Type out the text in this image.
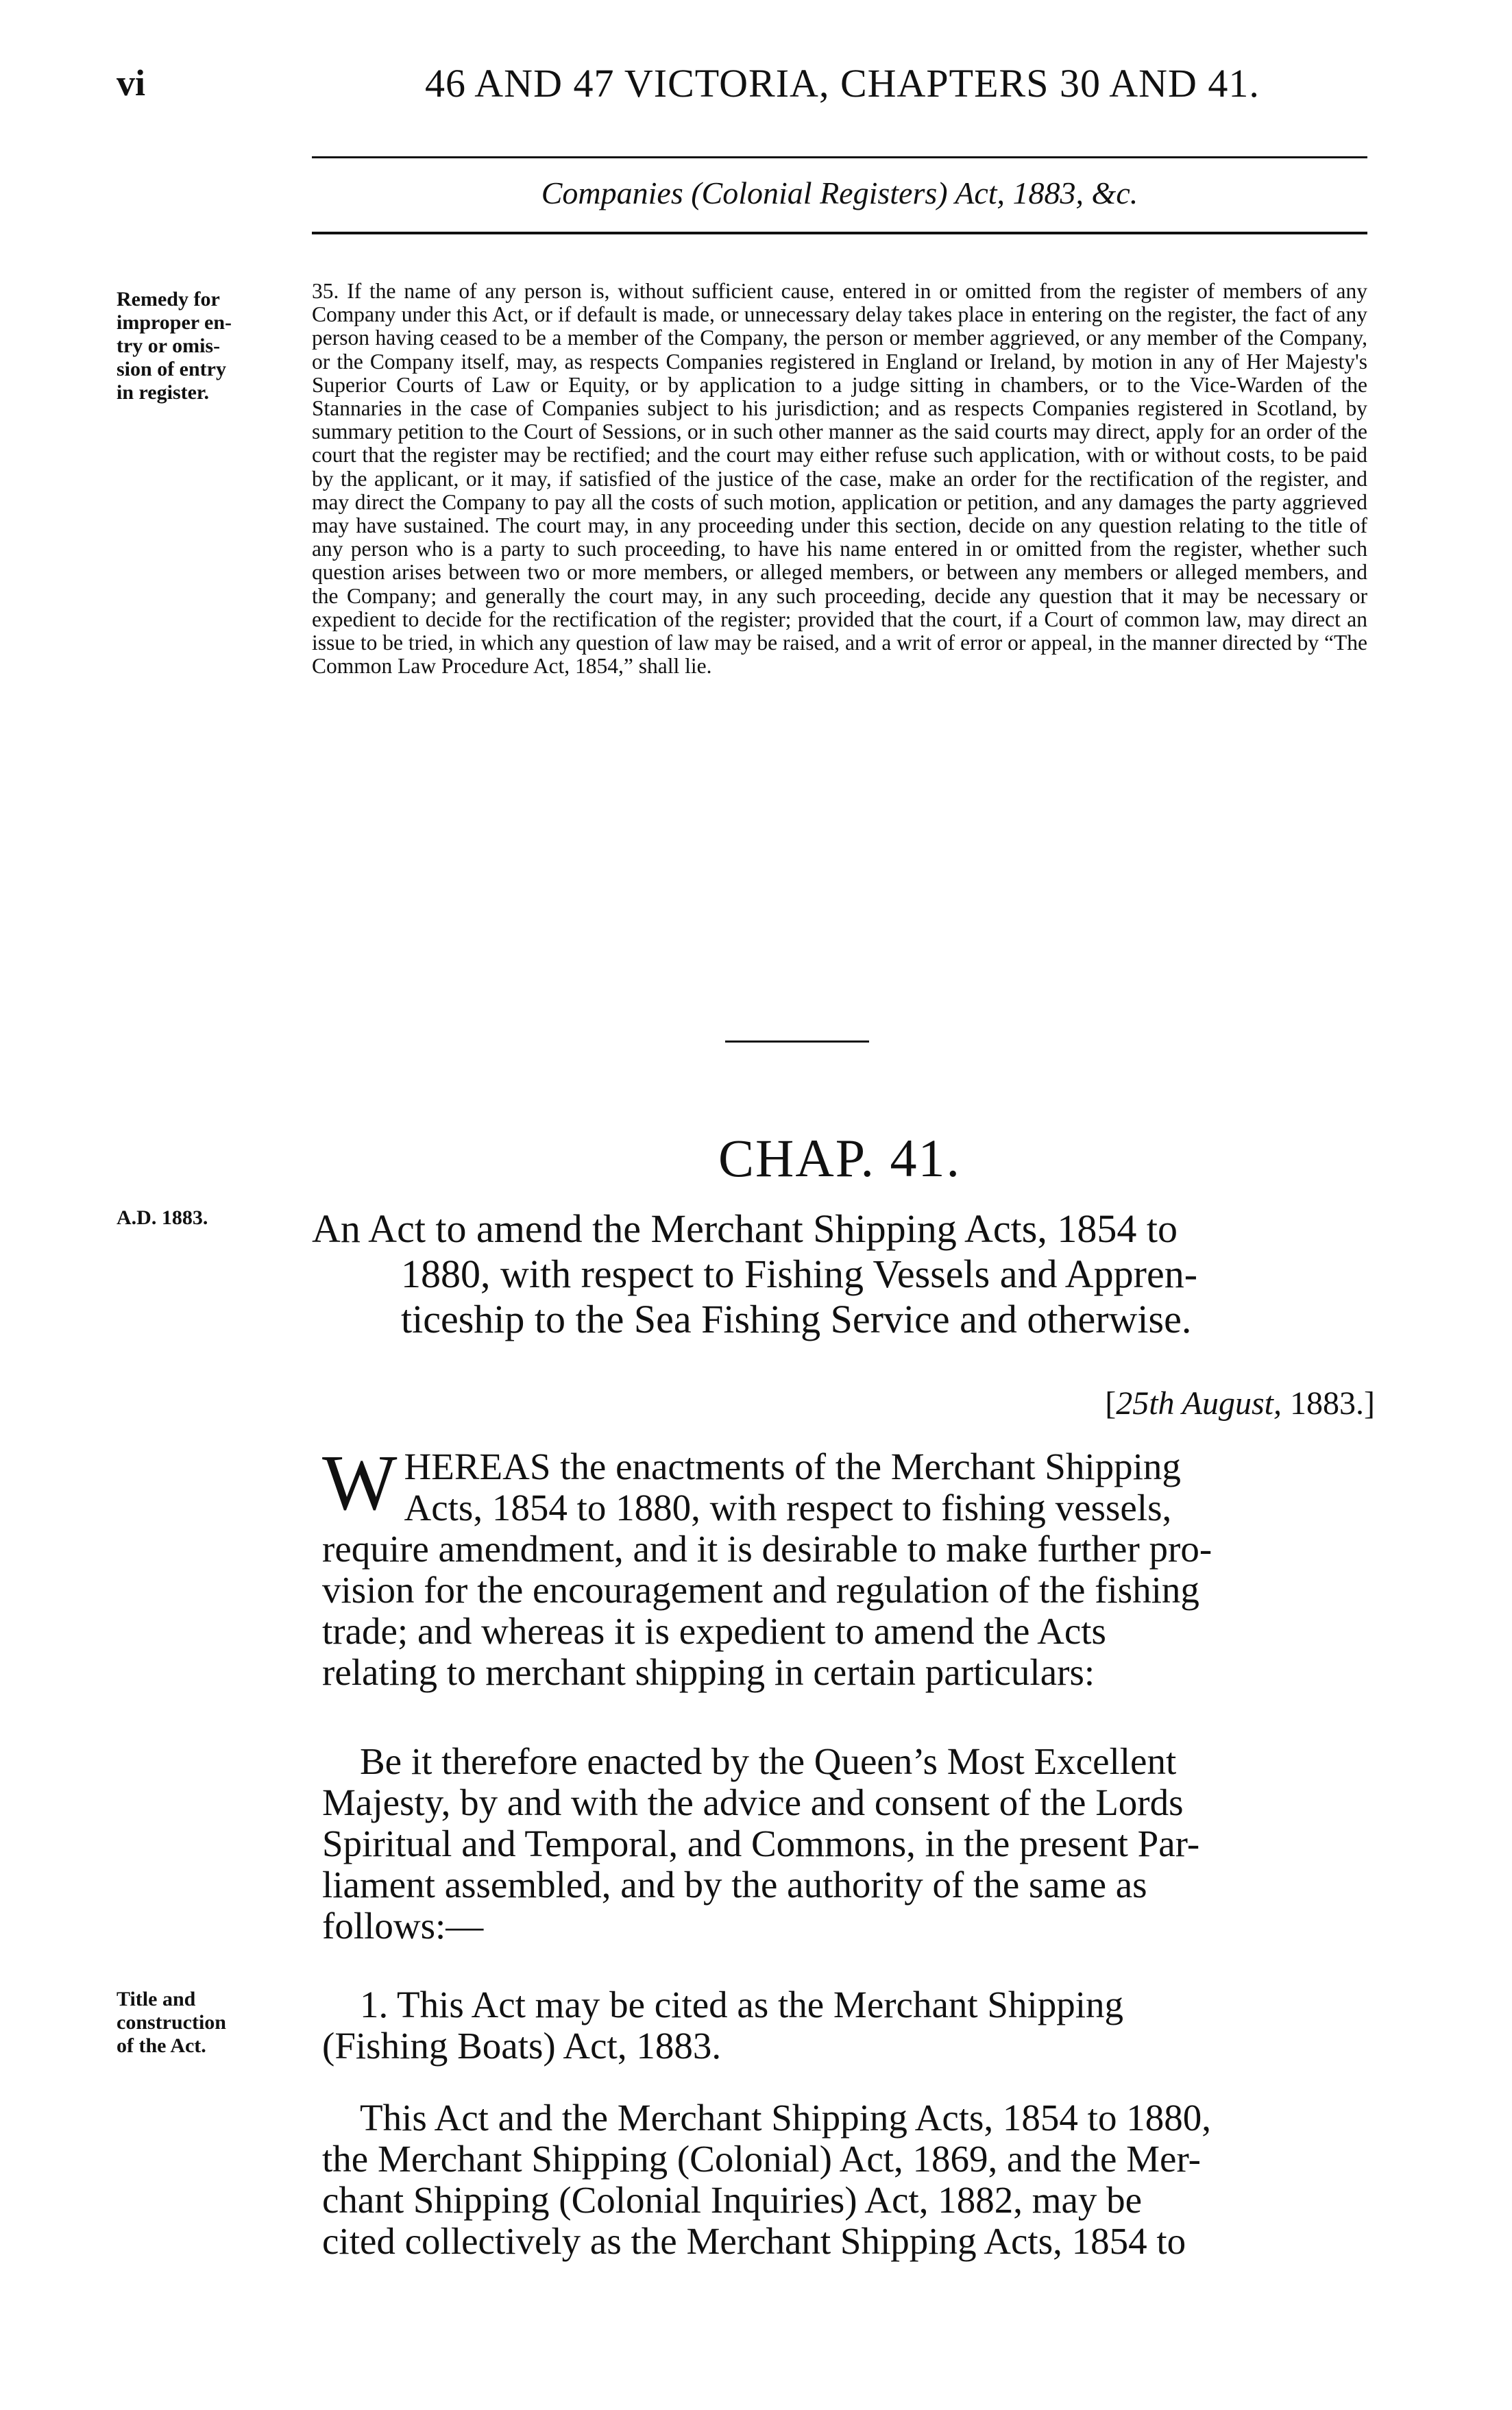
vi	46 AND 47 VICTORIA, CHAPTERS 30 AND 41.
Companies (Colonial Registers) Act, 1883, &c.
Remedy for
improper en-
try or omis-
sion of entry
in register.
35. If the name of any person is, without sufficient cause, entered in or omitted from the register of members of any Company under this Act, or if default is made, or unnecessary delay takes place in entering on the register, the fact of any person having ceased to be a member of the Company, the person or member aggrieved, or any member of the Company, or the Company itself, may, as respects Companies registered in England or Ireland, by motion in any of Her Majesty's Superior Courts of Law or Equity, or by application to a judge sitting in chambers, or to the Vice-Warden of the Stannaries in the case of Companies subject to his jurisdiction; and as respects Companies registered in Scotland, by summary petition to the Court of Sessions, or in such other manner as the said courts may direct, apply for an order of the court that the register may be rectified; and the court may either refuse such application, with or without costs, to be paid by the applicant, or it may, if satisfied of the justice of the case, make an order for the rectification of the register, and may direct the Company to pay all the costs of such motion, application or petition, and any damages the party aggrieved may have sustained. The court may, in any proceeding under this section, decide on any question relating to the title of any person who is a party to such proceeding, to have his name entered in or omitted from the register, whether such question arises between two or more members, or alleged members, or between any members or alleged members, and the Company; and generally the court may, in any such proceeding, decide any question that it may be necessary or expedient to decide for the rectification of the register; provided that the court, if a Court of common law, may direct an issue to be tried, in which any question of law may be raised, and a writ of error or appeal, in the manner directed by “The Common Law Procedure Act, 1854,” shall lie.
CHAP. 41.
A.D. 1883.	An Act to amend the Merchant Shipping Acts, 1854 to
1880, with respect to Fishing Vessels and Appren-
ticeship to the Sea Fishing Service and otherwise.
[25th August, 1883.]
W HEREAS the enactments of the Merchant Shipping
Acts, 1854 to 1880, with respect to fishing vessels,
require amendment, and it is desirable to make further pro-
vision for the encouragement and regulation of the fishing
trade; and whereas it is expedient to amend the Acts
relating to merchant shipping in certain particulars:
Be it therefore enacted by the Queen’s Most Excellent
Majesty, by and with the advice and consent of the Lords
Spiritual and Temporal, and Commons, in the present Par-
liament assembled, and by the authority of the same as
follows:—
Title and
construction
of the Act.
1. This Act may be cited as the Merchant Shipping
(Fishing Boats) Act, 1883.
This Act and the Merchant Shipping Acts, 1854 to 1880,
the Merchant Shipping (Colonial) Act, 1869, and the Mer-
chant Shipping (Colonial Inquiries) Act, 1882, may be
cited collectively as the Merchant Shipping Acts, 1854 to
